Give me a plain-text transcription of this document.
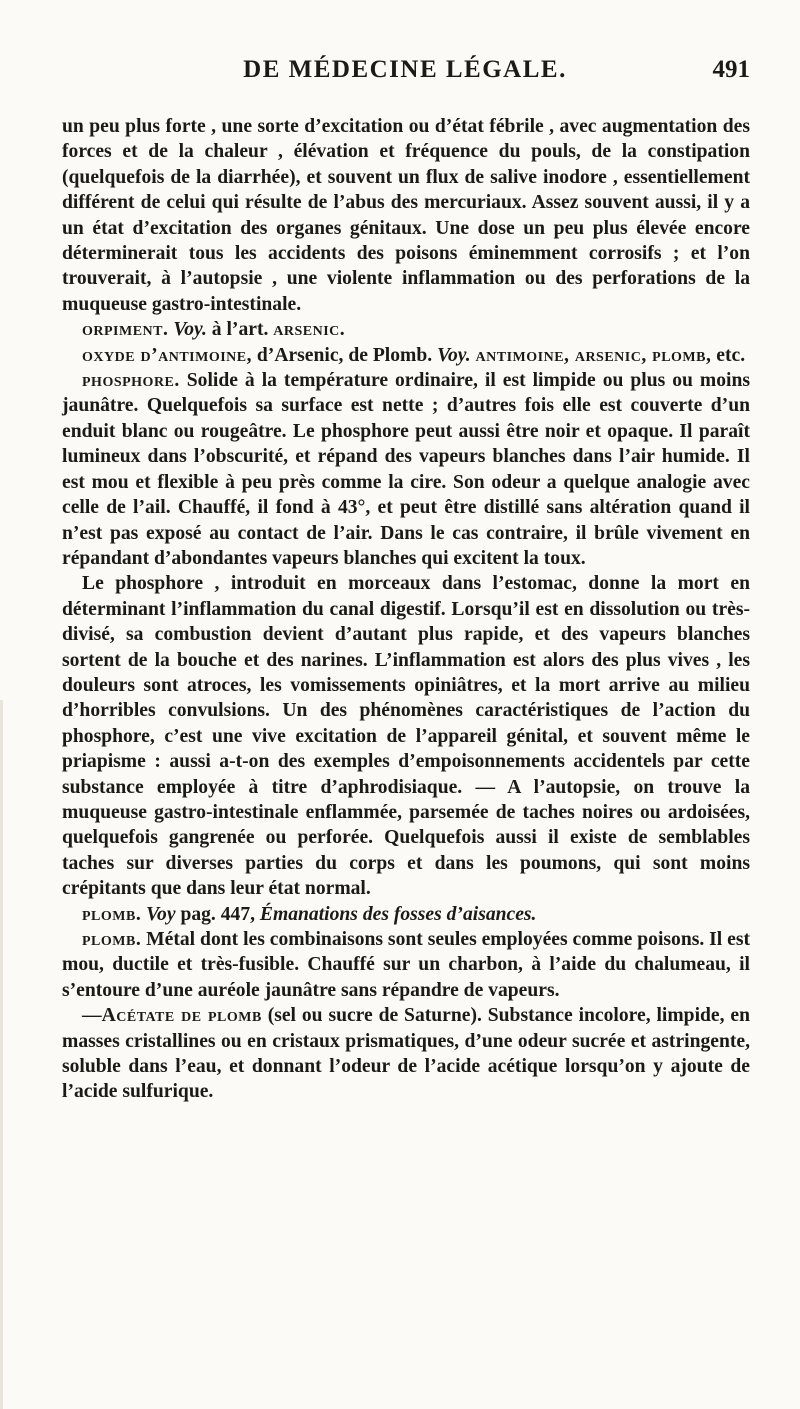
DE MÉDECINE LÉGALE.	491

un peu plus forte , une sorte d’excitation ou d’état fébrile , avec augmentation des forces et de la chaleur , élévation et fréquence du pouls, de la constipation (quelquefois de la diarrhée), et souvent un flux de salive inodore , essentiellement différent de celui qui résulte de l’abus des mercuriaux. Assez souvent aussi, il y a un état d’excitation des organes génitaux. Une dose un peu plus élevée encore déterminerait tous les accidents des poisons éminemment corrosifs ; et l’on trouverait, à l’autopsie , une violente inflammation ou des perforations de la muqueuse gastro-intestinale.

orpiment. Voy. à l’art. arsenic.

oxyde d’antimoine, d’Arsenic, de Plomb. Voy. antimoine, arsenic, plomb, etc.

phosphore. Solide à la température ordinaire, il est limpide ou plus ou moins jaunâtre. Quelquefois sa surface est nette ; d’autres fois elle est couverte d’un enduit blanc ou rougeâtre. Le phosphore peut aussi être noir et opaque. Il paraît lumineux dans l’obscurité, et répand des vapeurs blanches dans l’air humide. Il est mou et flexible à peu près comme la cire. Son odeur a quelque analogie avec celle de l’ail. Chauffé, il fond à 43°, et peut être distillé sans altération quand il n’est pas exposé au contact de l’air. Dans le cas contraire, il brûle vivement en répandant d’abondantes vapeurs blanches qui excitent la toux.

Le phosphore , introduit en morceaux dans l’estomac, donne la mort en déterminant l’inflammation du canal digestif. Lorsqu’il est en dissolution ou très-divisé, sa combustion devient d’autant plus rapide, et des vapeurs blanches sortent de la bouche et des narines. L’inflammation est alors des plus vives , les douleurs sont atroces, les vomissements opiniâtres, et la mort arrive au milieu d’horribles convulsions. Un des phénomènes caractéristiques de l’action du phosphore, c’est une vive excitation de l’appareil génital, et souvent même le priapisme : aussi a-t-on des exemples d’empoisonnements accidentels par cette substance employée à titre d’aphrodisiaque. — A l’autopsie, on trouve la muqueuse gastro-intestinale enflammée, parsemée de taches noires ou ardoisées, quelquefois gangrenée ou perforée. Quelquefois aussi il existe de semblables taches sur diverses parties du corps et dans les poumons, qui sont moins crépitants que dans leur état normal.

plomb. Voy pag. 447, Émanations des fosses d’aisances.

plomb. Métal dont les combinaisons sont seules employées comme poisons. Il est mou, ductile et très-fusible. Chauffé sur un charbon, à l’aide du chalumeau, il s’entoure d’une auréole jaunâtre sans répandre de vapeurs.

—Acétate de plomb (sel ou sucre de Saturne). Substance incolore, limpide, en masses cristallines ou en cristaux prismatiques, d’une odeur sucrée et astringente, soluble dans l’eau, et donnant l’odeur de l’acide acétique lorsqu’on y ajoute de l’acide sulfurique.
